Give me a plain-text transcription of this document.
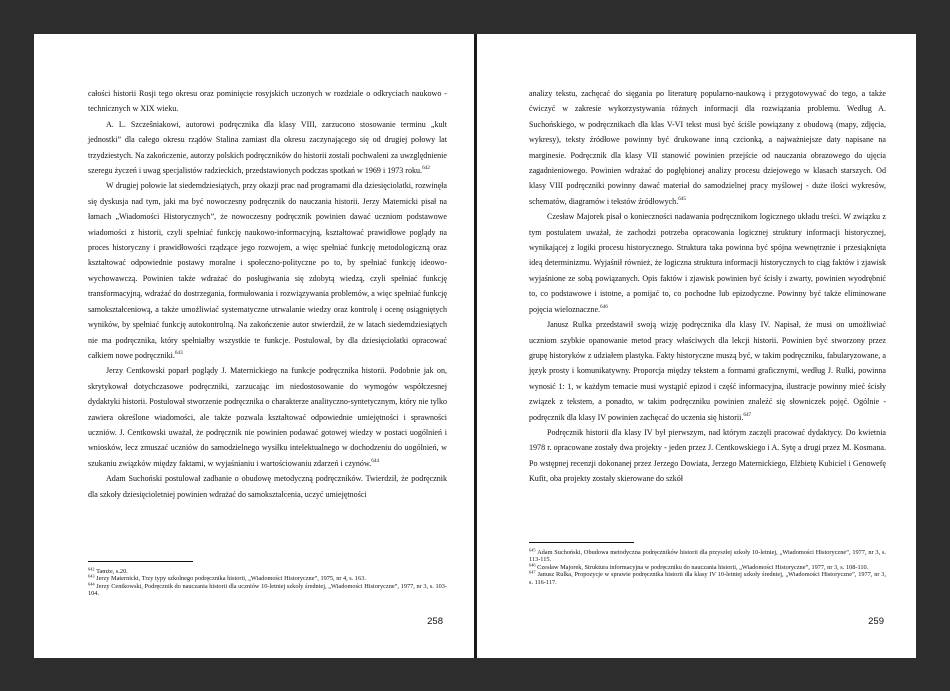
całości historii Rosji tego okresu oraz pominięcie rosyjskich uczonych w rozdziale o odkryciach naukowo - technicznych w XIX wieku.

A. L. Szczeŝniakowi, autorowi podręcznika dla klasy VIII, zarzucono stosowanie terminu „kult jednostki” dla całego okresu rządów Stalina zamiast dla okresu zaczynającego się od drugiej połowy lat trzydziestych. Na zakończenie, autorzy polskich podręczników do historii zostali pochwaleni za uwzględnienie szeregu życzeń i uwag specjalistów radzieckich, przedstawionych podczas spotkań w 1969 i 1973 roku.$^{642}$

W drugiej połowie lat siedemdziesiątych, przy okazji prac nad programami dla dziesięciolatki, rozwinęła się dyskusja nad tym, jaki ma być nowoczesny podręcznik do nauczania historii. Jerzy Maternicki pisał na łamach „Wiadomości Historycznych”, że nowoczesny podręcznik powinien dawać uczniom podstawowe wiadomości z historii, czyli spełniać funkcję naukowo-informacyjną, kształtować prawidłowe poglądy na proces historyczny i prawidłowości rządzące jego rozwojem, a więc spełniać funkcję metodologiczną oraz kształtować odpowiednie postawy moralne i społeczno-polityczne po to, by spełniać funkcję ideowo-wychowawczą. Powinien także wdrażać do posługiwania się zdobytą wiedzą, czyli spełniać funkcję transformacyjną, wdrażać do dostrzegania, formułowania i rozwiązywania problemów, a więc spełniać funkcję samokształceniową, a także umożliwiać systematyczne utrwalanie wiedzy oraz kontrolę i ocenę osiągniętych wyników, by spełniać funkcję autokontrolną. Na zakończenie autor stwierdził, że w latach siedemdziesiątych nie ma podręcznika, który spełniałby wszystkie te funkcje. Postulował, by dla dziesięciolatki opracować całkiem nowe podręczniki.$^{643}$

Jerzy Centkowski poparł poglądy J. Maternickiego na funkcje podręcznika historii. Podobnie jak on, skrytykował dotychczasowe podręczniki, zarzucając im niedostosowanie do wymogów współczesnej dydaktyki historii. Postulował stworzenie podręcznika o charakterze analityczno-syntetycznym, który nie tylko zawiera określone wiadomości, ale także pozwala kształtować odpowiednie umiejętności i sprawności uczniów. J. Centkowski uważał, że podręcznik nie powinien podawać gotowej wiedzy w postaci uogólnień i wniosków, lecz zmuszać uczniów do samodzielnego wysiłku intelektualnego w dochodzeniu do uogólnień, w szukaniu związków między faktami, w wyjaśnianiu i wartościowaniu zdarzeń i czynów.$^{644}$

Adam Suchoński postulował zadbanie o obudowę metodyczną podręczników. Twierdził, że podręcznik dla szkoły dziesięcioletniej powinien wdrażać do samokształcenia, uczyć umiejętności

$^{642}$ Tamże, s.20.

$^{643}$ Jerzy Maternicki, Trzy typy szkolnego podręcznika historii, „Wiadomości Historyczne”, 1975, nr 4, s. 163.

$^{644}$ Jerzy Centkowski, Podręcznik do nauczania historii dla uczniów 10-letniej szkoły średniej, „Wiadomości Historyczne”, 1977, nr 3, s. 103-104.

258

analizy tekstu, zachęcać do sięgania po literaturę popularno-naukową i przygotowywać do tego, a także ćwiczyć w zakresie wykorzystywania różnych informacji dla rozwiązania problemu. Według A. Suchońskiego, w podręcznikach dla klas V-VI tekst musi być ściśle powiązany z obudową (mapy, zdjęcia, wykresy), teksty źródłowe powinny być drukowane inną czcionką, a najważniejsze daty napisane na marginesie. Podręcznik dla klasy VII stanowić powinien przejście od nauczania obrazowego do ujęcia zagadnieniowego. Powinien wdrażać do pogłębionej analizy procesu dziejowego w klasach starszych. Od klasy VIII podręczniki powinny dawać materiał do samodzielnej pracy myślowej - duże ilości wykresów, schematów, diagramów i tekstów źródłowych.$^{645}$

Czesław Majorek pisał o konieczności nadawania podręcznikom logicznego układu treści. W związku z tym postulatem uważał, że zachodzi potrzeba opracowania logicznej struktury informacji historycznej, wynikającej z logiki procesu historycznego. Struktura taka powinna być spójna wewnętrznie i przesiąknięta ideą determinizmu. Wyjaśnił również, że logiczna struktura informacji historycznych to ciąg faktów i zjawisk wyjaśnione ze sobą powiązanych. Opis faktów i zjawisk powinien być ścisły i zwarty, powinien wyodrębnić to, co podstawowe i istotne, a pomijać to, co pochodne lub epizodyczne. Powinny być także eliminowane pojęcia wieloznaczne.$^{646}$

Janusz Rulka przedstawił swoją wizję podręcznika dla klasy IV. Napisał, że musi on umożliwiać uczniom szybkie opanowanie metod pracy właściwych dla lekcji historii. Powinien być stworzony przez grupę historyków z udziałem plastyka. Fakty historyczne muszą być, w takim podręczniku, fabularyzowane, a język prosty i komunikatywny. Proporcja między tekstem a formami graficznymi, według J. Rulki, powinna wynosić 1: 1, w każdym temacie musi wystąpić epizod i część informacyjna, ilustracje powinny mieć ścisły związek z tekstem, a ponadto, w takim podręczniku powinien znaleźć się słowniczek pojęć. Ogólnie - podręcznik dla klasy IV powinien zachęcać do uczenia się historii.$^{647}$

Podręcznik historii dla klasy IV był pierwszym, nad którym zaczęli pracować dydaktycy. Do kwietnia 1978 r. opracowane zostały dwa projekty - jeden przez J. Centkowskiego i A. Sytę a drugi przez M. Kosmana. Po wstępnej recenzji dokonanej przez Jerzego Dowiata, Jerzego Maternickiego, Elżbietę Kubiciel i Genowefę Kufit, oba projekty zostały skierowane do szkół

$^{645}$ Adam Suchoński, Obudowa metodyczna podręczników historii dla przyszłej szkoły 10-letniej, „Wiadomości Historyczne”, 1977, nr 3, s. 113-115.

$^{646}$ Czesław Majorek, Struktura informacyjna w podręczniku do nauczania historii, „Wiadomości Historyczne”, 1977, nr 3, s. 108-110.

$^{647}$ Janusz Rulka, Propozycje w sprawie podręcznika historii dla klasy IV 10-letniej szkoły średniej, „Wiadomości Historyczne”, 1977, nr 3, s. 116-117.

259
